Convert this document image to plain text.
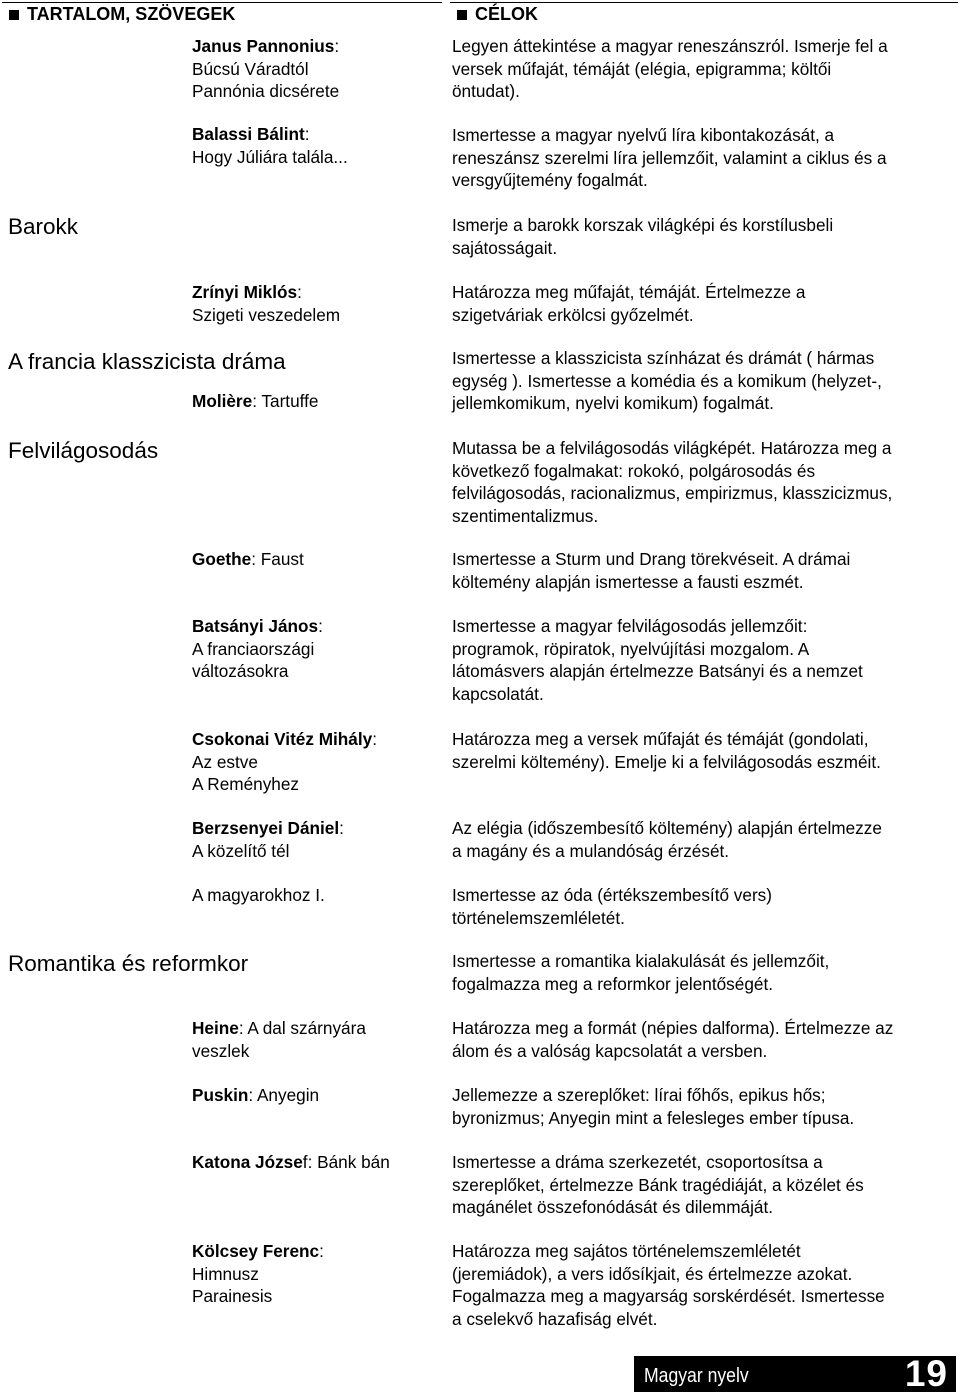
TARTALOM, SZÖVEGEK	CÉLOK
Barokk
A francia klasszicista dráma
Felvilágosodás
Romantika és reformkor
Janus Pannonius:
Búcsú Váradtól
Pannónia dicsérete
Balassi Bálint:
Hogy Júliára talála...
Zrínyi Miklós:
Szigeti veszedelem
Molière: Tartuffe
Goethe: Faust
Batsányi János:
A franciaországi
változásokra
Csokonai Vitéz Mihály:
Az estve
A Reményhez
Berzsenyei Dániel:
A közelítő tél
A magyarokhoz I.
Heine: A dal szárnyára
veszlek
Puskin: Anyegin
Katona József: Bánk bán
Kölcsey Ferenc:
Himnusz
Parainesis
Legyen áttekintése a magyar reneszánszról. Ismerje fel a
versek műfaját, témáját (elégia, epigramma; költői
öntudat).
Ismertesse a magyar nyelvű líra kibontakozását, a
reneszánsz szerelmi líra jellemzőit, valamint a ciklus és a
versgyűjtemény fogalmát.
Ismerje a barokk korszak világképi és korstílusbeli
sajátosságait.
Határozza meg műfaját, témáját. Értelmezze a
szigetváriak erkölcsi győzelmét.
Ismertesse a klasszicista színházat és drámát ( hármas
egység ). Ismertesse a komédia és a komikum (helyzet-,
jellemkomikum, nyelvi komikum) fogalmát.
Mutassa be a felvilágosodás világképét. Határozza meg a
következő fogalmakat: rokokó, polgárosodás és
felvilágosodás, racionalizmus, empirizmus, klasszicizmus,
szentimentalizmus.
Ismertesse a Sturm und Drang törekvéseit. A drámai
költemény alapján ismertesse a fausti eszmét.
Ismertesse a magyar felvilágosodás jellemzőit:
programok, röpiratok, nyelvújítási mozgalom. A
látomásvers alapján értelmezze Batsányi és a nemzet
kapcsolatát.
Határozza meg a versek műfaját és témáját (gondolati,
szerelmi költemény). Emelje ki a felvilágosodás eszméit.
Az elégia (időszembesítő költemény) alapján értelmezze
a magány és a mulandóság érzését.
Ismertesse az óda (értékszembesítő vers)
történelemszemléletét.
Ismertesse a romantika kialakulását és jellemzőit,
fogalmazza meg a reformkor jelentőségét.
Határozza meg a formát (népies dalforma). Értelmezze az
álom és a valóság kapcsolatát a versben.
Jellemezze a szereplőket: lírai főhős, epikus hős;
byronizmus; Anyegin mint a felesleges ember típusa.
Ismertesse a dráma szerkezetét, csoportosítsa a
szereplőket, értelmezze Bánk tragédiáját, a közélet és
magánélet összefonódását és dilemmáját.
Határozza meg sajátos történelemszemléletét
(jeremiádok), a vers idősíkjait, és értelmezze azokat.
Fogalmazza meg a magyarság sorskérdését. Ismertesse
a cselekvő hazafiság elvét.
Magyar nyelv	19
